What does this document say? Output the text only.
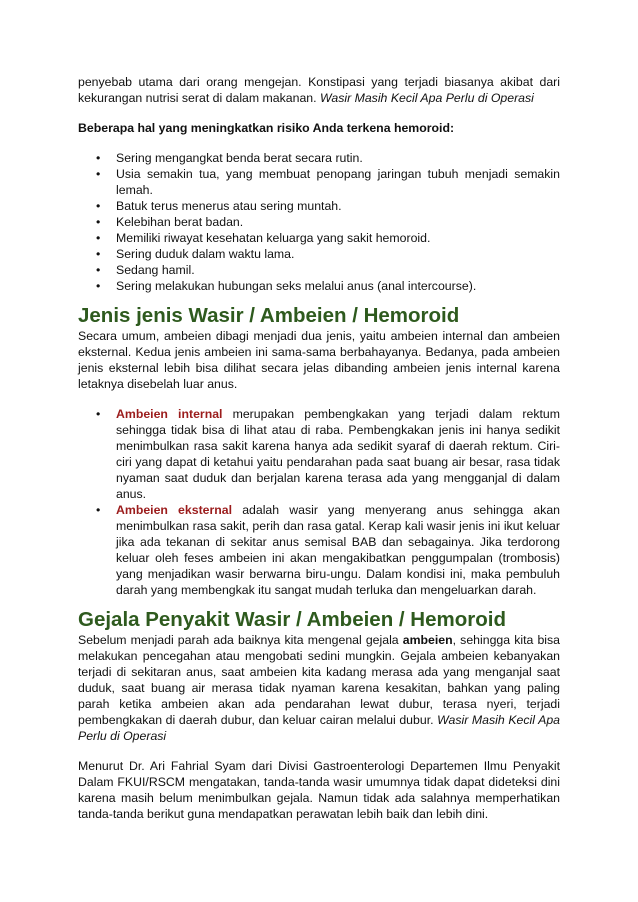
penyebab utama dari orang mengejan. Konstipasi yang terjadi biasanya akibat dari kekurangan nutrisi serat di dalam makanan. Wasir Masih Kecil Apa Perlu di Operasi

Beberapa hal yang meningkatkan risiko Anda terkena hemoroid:

• Sering mengangkat benda berat secara rutin.
• Usia semakin tua, yang membuat penopang jaringan tubuh menjadi semakin lemah.
• Batuk terus menerus atau sering muntah.
• Kelebihan berat badan.
• Memiliki riwayat kesehatan keluarga yang sakit hemoroid.
• Sering duduk dalam waktu lama.
• Sedang hamil.
• Sering melakukan hubungan seks melalui anus (anal intercourse).
Jenis jenis Wasir / Ambeien / Hemoroid

Secara umum, ambeien dibagi menjadi dua jenis, yaitu ambeien internal dan ambeien eksternal. Kedua jenis ambeien ini sama-sama berbahayanya. Bedanya, pada ambeien jenis eksternal lebih bisa dilihat secara jelas dibanding ambeien jenis internal karena letaknya disebelah luar anus.

• Ambeien internal merupakan pembengkakan yang terjadi dalam rektum sehingga tidak bisa di lihat atau di raba. Pembengkakan jenis ini hanya sedikit menimbulkan rasa sakit karena hanya ada sedikit syaraf di daerah rektum. Ciri-ciri yang dapat di ketahui yaitu pendarahan pada saat buang air besar, rasa tidak nyaman saat duduk dan berjalan karena terasa ada yang mengganjal di dalam anus.
• Ambeien eksternal adalah wasir yang menyerang anus sehingga akan menimbulkan rasa sakit, perih dan rasa gatal. Kerap kali wasir jenis ini ikut keluar jika ada tekanan di sekitar anus semisal BAB dan sebagainya. Jika terdorong keluar oleh feses ambeien ini akan mengakibatkan penggumpalan (trombosis) yang menjadikan wasir berwarna biru-ungu. Dalam kondisi ini, maka pembuluh darah yang membengkak itu sangat mudah terluka dan mengeluarkan darah.
Gejala Penyakit Wasir / Ambeien / Hemoroid

Sebelum menjadi parah ada baiknya kita mengenal gejala ambeien, sehingga kita bisa melakukan pencegahan atau mengobati sedini mungkin. Gejala ambeien kebanyakan terjadi di sekitaran anus, saat ambeien kita kadang merasa ada yang menganjal saat duduk, saat buang air merasa tidak nyaman karena kesakitan, bahkan yang paling parah ketika ambeien akan ada pendarahan lewat dubur, terasa nyeri, terjadi pembengkakan di daerah dubur, dan keluar cairan melalui dubur. Wasir Masih Kecil Apa Perlu di Operasi

Menurut Dr. Ari Fahrial Syam dari Divisi Gastroenterologi Departemen Ilmu Penyakit Dalam FKUI/RSCM mengatakan, tanda-tanda wasir umumnya tidak dapat dideteksi dini karena masih belum menimbulkan gejala. Namun tidak ada salahnya memperhatikan tanda-tanda berikut guna mendapatkan perawatan lebih baik dan lebih dini.
